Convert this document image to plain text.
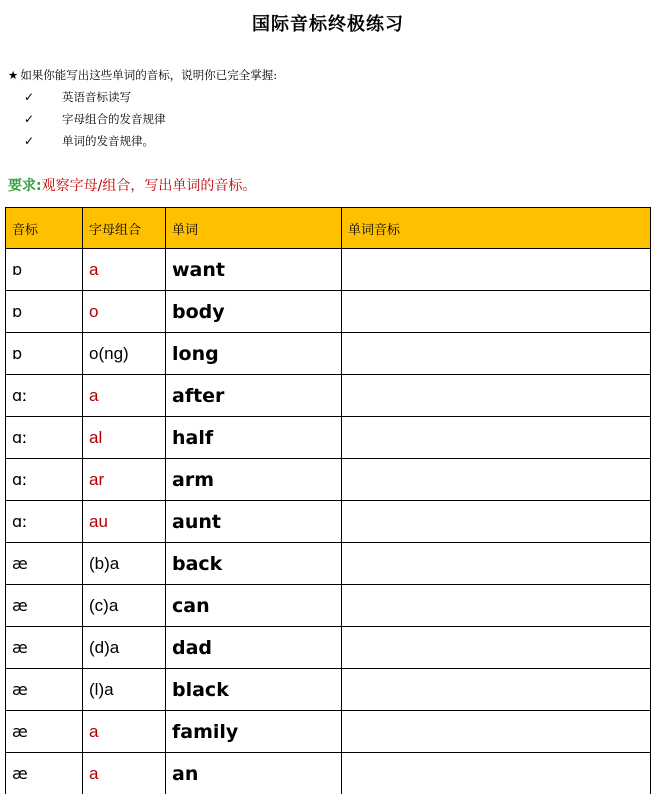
国际音标终极练习
★ 如果你能写出这些单词的音标，说明你已完全掌握:
✓	英语音标读写
✓	字母组合的发音规律
✓	单词的发音规律。
要求:观察字母/组合，写出单词的音标。
音标	字母组合	单词	单词音标
ɒ	a	want	
ɒ	o	body	
ɒ	o(ng)	long	
ɑː	a	after	
ɑː	al	half	
ɑː	ar	arm	
ɑː	au	aunt	
æ	(b)a	back	
æ	(c)a	can	
æ	(d)a	dad	
æ	(l)a	black	
æ	a	family	
æ	a	an	
